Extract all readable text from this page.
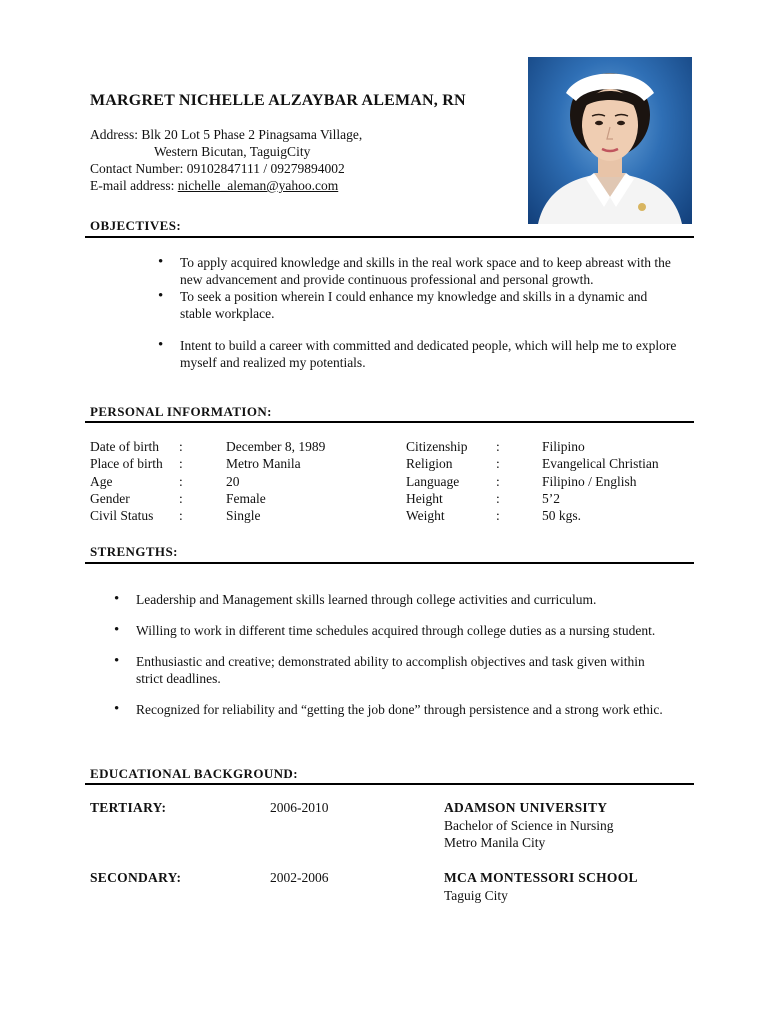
MARGRET NICHELLE ALZAYBAR ALEMAN, RN
Address: Blk 20 Lot 5 Phase 2 Pinagsama Village,
Western Bicutan, TaguigCity
Contact Number: 09102847111 / 09279894002
E-mail address: nichelle_aleman@yahoo.com
OBJECTIVES:
• To apply acquired knowledge and skills in the real work space and to keep abreast with the new advancement and provide continuous professional and personal growth.
• To seek a position wherein I could enhance my knowledge and skills in a dynamic and stable workplace.
• Intent to build a career with committed and dedicated people, which will help me to explore myself and realized my potentials.
PERSONAL INFORMATION:
Date of birth :	December 8, 1989	Citizenship :	Filipino
Place of birth :	Metro Manila	Religion	:	Evangelical Christian
Age	:	20	Language	:	Filipino / English
Gender	:	Female	Height	:	5’2
Civil Status :	Single	Weight	:	50 kgs.
STRENGTHS:
• Leadership and Management skills learned through college activities and curriculum.
• Willing to work in different time schedules acquired through college duties as a nursing student.
• Enthusiastic and creative; demonstrated ability to accomplish objectives and task given within strict deadlines.
• Recognized for reliability and “getting the job done” through persistence and a strong work ethic.
EDUCATIONAL BACKGROUND:
TERTIARY:	2006-2010	ADAMSON UNIVERSITY
Bachelor of Science in Nursing
Metro Manila City
SECONDARY:	2002-2006	MCA MONTESSORI SCHOOL
Taguig City
